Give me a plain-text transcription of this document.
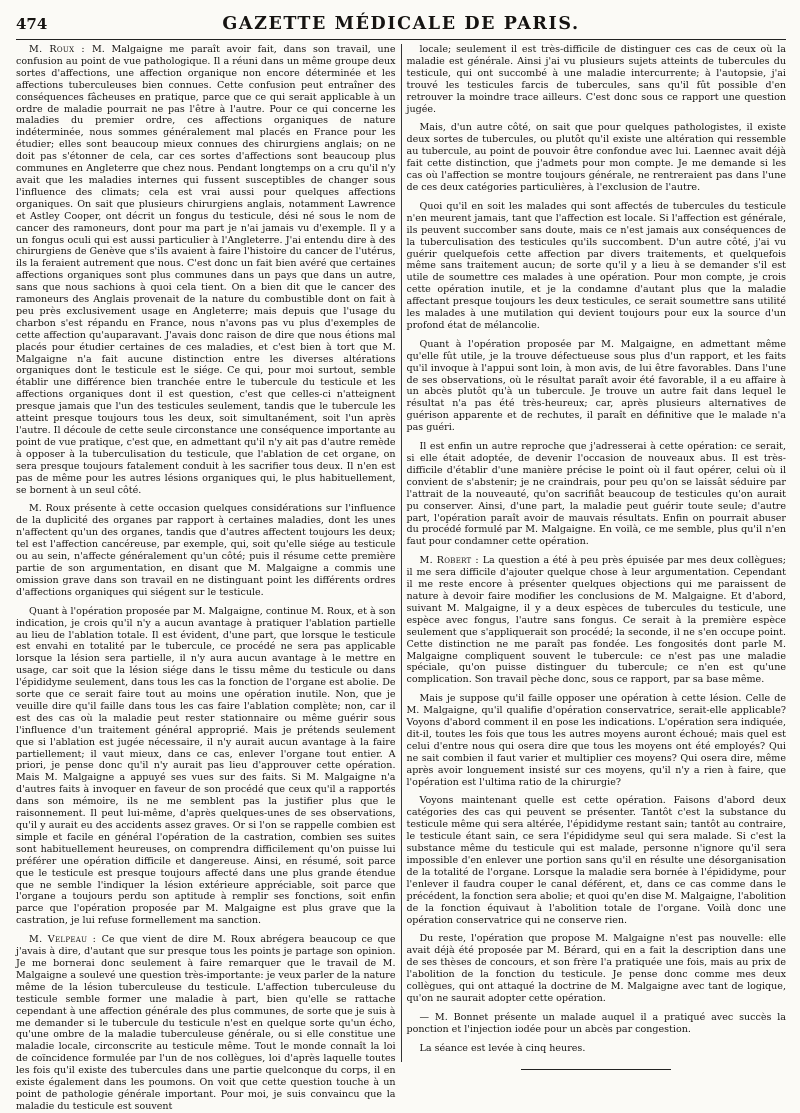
474	GAZETTE MÉDICALE DE PARIS.

M. Roux : M. Malgaigne me paraît avoir fait, dans son travail, une confusion au point de vue pathologique. Il a réuni dans un même groupe deux sortes d'affections, une affection organique non encore déterminée et les affections tuberculeuses bien connues. Cette confusion peut entraîner des conséquences fâcheuses en pratique, parce que ce qui serait applicable à un ordre de maladie pourrait ne pas l'être à l'autre. Pour ce qui concerne les maladies du premier ordre, ces affections organiques de nature indéterminée, nous sommes généralement mal placés en France pour les étudier; elles sont beaucoup mieux connues des chirurgiens anglais; on ne doit pas s'étonner de cela, car ces sortes d'affections sont beaucoup plus communes en Angleterre que chez nous. Pendant longtemps on a cru qu'il n'y avait que les maladies internes qui fussent susceptibles de changer sous l'influence des climats; cela est vrai aussi pour quelques affections organiques. On sait que plusieurs chirurgiens anglais, notamment Lawrence et Astley Cooper, ont décrit un fongus du testicule, dési né sous le nom de cancer des ramoneurs, dont pour ma part je n'ai jamais vu d'exemple. Il y a un fongus oculi qui est aussi particulier à l'Angleterre. J'ai entendu dire à des chirurgiens de Genève que s'ils avaient à faire l'histoire du cancer de l'utérus, ils la feraient autrement que nous. C'est donc un fait bien avéré que certaines affections organiques sont plus communes dans un pays que dans un autre, sans que nous sachions à quoi cela tient. On a bien dit que le cancer des ramoneurs des Anglais provenait de la nature du combustible dont on fait à peu près exclusivement usage en Angleterre; mais depuis que l'usage du charbon s'est répandu en France, nous n'avons pas vu plus d'exemples de cette affection qu'auparavant. J'avais donc raison de dire que nous étions mal placés pour étudier certaines de ces maladies, et c'est bien à tort que M. Malgaigne n'a fait aucune distinction entre les diverses altérations organiques dont le testicule est le siége. Ce qui, pour moi surtout, semble établir une différence bien tranchée entre le tubercule du testicule et les affections organiques dont il est question, c'est que celles-ci n'atteignent presque jamais que l'un des testicules seulement, tandis que le tubercule les atteint presque toujours tous les deux, soit simultanément, soit l'un après l'autre. Il découle de cette seule circonstance une conséquence importante au point de vue pratique, c'est que, en admettant qu'il n'y ait pas d'autre remède à opposer à la tuberculisation du testicule, que l'ablation de cet organe, on sera presque toujours fatalement conduit à les sacrifier tous deux. Il n'en est pas de même pour les autres lésions organiques qui, le plus habituellement, se bornent à un seul côté.

M. Roux présente à cette occasion quelques considérations sur l'influence de la duplicité des organes par rapport à certaines maladies, dont les unes n'affectent qu'un des organes, tandis que d'autres affectent toujours les deux; tel est l'affection cancéreuse, par exemple, qui, soit qu'elle siége au testicule ou au sein, n'affecte généralement qu'un côté; puis il résume cette première partie de son argumentation, en disant que M. Malgaigne a commis une omission grave dans son travail en ne distinguant point les différents ordres d'affections organiques qui siégent sur le testicule.

Quant à l'opération proposée par M. Malgaigne, continue M. Roux, et à son indication, je crois qu'il n'y a aucun avantage à pratiquer l'ablation partielle au lieu de l'ablation totale. Il est évident, d'une part, que lorsque le testicule est envahi en totalité par le tubercule, ce procédé ne sera pas applicable lorsque la lésion sera partielle, il n'y aura aucun avantage à le mettre en usage, car soit que la lésion siége dans le tissu même du testicule ou dans l'épididyme seulement, dans tous les cas la fonction de l'organe est abolie. De sorte que ce serait faire tout au moins une opération inutile. Non, que je veuille dire qu'il faille dans tous les cas faire l'ablation complète; non, car il est des cas où la maladie peut rester stationnaire ou même guérir sous l'influence d'un traitement général approprié. Mais je prétends seulement que si l'ablation est jugée nécessaire, il n'y aurait aucun avantage à la faire partiellement; il vaut mieux, dans ce cas, enlever l'organe tout entier. A priori, je pense donc qu'il n'y aurait pas lieu d'approuver cette opération. Mais M. Malgaigne a appuyé ses vues sur des faits. Si M. Malgaigne n'a d'autres faits à invoquer en faveur de son procédé que ceux qu'il a rapportés dans son mémoire, ils ne me semblent pas la justifier plus que le raisonnement. Il peut lui-même, d'après quelques-unes de ses observations, qu'il y aurait eu des accidents assez graves. Or si l'on se rappelle combien est simple et facile en général l'opération de la castration, combien ses suites sont habituellement heureuses, on comprendra difficilement qu'on puisse lui préférer une opération difficile et dangereuse. Ainsi, en résumé, soit parce que le testicule est presque toujours affecté dans une plus grande étendue que ne semble l'indiquer la lésion extérieure appréciable, soit parce que l'organe a toujours perdu son aptitude à remplir ses fonctions, soit enfin parce que l'opération proposée par M. Malgaigne est plus grave que la castration, je lui refuse formellement ma sanction.

M. Velpeau : Ce que vient de dire M. Roux abrégera beaucoup ce que j'avais à dire, d'autant que sur presque tous les points je partage son opinion. Je me bornerai donc seulement à faire remarquer que le travail de M. Malgaigne a soulevé une question très-importante: je veux parler de la nature même de la lésion tuberculeuse du testicule. L'affection tuberculeuse du testicule semble former une maladie à part, bien qu'elle se rattache cependant à une affection générale des plus communes, de sorte que je suis à me demander si le tubercule du testicule n'est en quelque sorte qu'un écho, qu'une ombre de la maladie tuberculeuse générale, ou si elle constitue une maladie locale, circonscrite au testicule même. Tout le monde connaît la loi de coïncidence formulée par l'un de nos collègues, loi d'après laquelle toutes les fois qu'il existe des tubercules dans une partie quelconque du corps, il en existe également dans les poumons. On voit que cette question touche à un point de pathologie générale important. Pour moi, je suis convaincu que la maladie du testicule est souvent

locale; seulement il est très-difficile de distinguer ces cas de ceux où la maladie est générale. Ainsi j'ai vu plusieurs sujets atteints de tubercules du testicule, qui ont succombé à une maladie intercurrente; à l'autopsie, j'ai trouvé les testicules farcis de tubercules, sans qu'il fût possible d'en retrouver la moindre trace ailleurs. C'est donc sous ce rapport une question jugée.

Mais, d'un autre côté, on sait que pour quelques pathologistes, il existe deux sortes de tubercules, ou plutôt qu'il existe une altération qui ressemble au tubercule, au point de pouvoir être confondue avec lui. Laennec avait déjà fait cette distinction, que j'admets pour mon compte. Je me demande si les cas où l'affection se montre toujours générale, ne rentreraient pas dans l'une de ces deux catégories particulières, à l'exclusion de l'autre.

Quoi qu'il en soit les malades qui sont affectés de tubercules du testicule n'en meurent jamais, tant que l'affection est locale. Si l'affection est générale, ils peuvent succomber sans doute, mais ce n'est jamais aux conséquences de la tuberculisation des testicules qu'ils succombent. D'un autre côté, j'ai vu guérir quelquefois cette affection par divers traitements, et quelquefois même sans traitement aucun; de sorte qu'il y a lieu à se demander s'il est utile de soumettre ces malades à une opération. Pour mon compte, je crois cette opération inutile, et je la condamne d'autant plus que la maladie affectant presque toujours les deux testicules, ce serait soumettre sans utilité les malades à une mutilation qui devient toujours pour eux la source d'un profond état de mélancolie.

Quant à l'opération proposée par M. Malgaigne, en admettant même qu'elle fût utile, je la trouve défectueuse sous plus d'un rapport, et les faits qu'il invoque à l'appui sont loin, à mon avis, de lui être favorables. Dans l'une de ses observations, où le résultat paraît avoir été favorable, il a eu affaire à un abcès plutôt qu'à un tubercule. Je trouve un autre fait dans lequel le résultat n'a pas été très-heureux; car, après plusieurs alternatives de guérison apparente et de rechutes, il paraît en définitive que le malade n'a pas guéri.

Il est enfin un autre reproche que j'adresserai à cette opération: ce serait, si elle était adoptée, de devenir l'occasion de nouveaux abus. Il est très-difficile d'établir d'une manière précise le point où il faut opérer, celui où il convient de s'abstenir; je ne craindrais, pour peu qu'on se laissât séduire par l'attrait de la nouveauté, qu'on sacrifiât beaucoup de testicules qu'on aurait pu conserver. Ainsi, d'une part, la maladie peut guérir toute seule; d'autre part, l'opération paraît avoir de mauvais résultats. Enfin on pourrait abuser du procédé formulé par M. Malgaigne. En voilà, ce me semble, plus qu'il n'en faut pour condamner cette opération.

M. Robert : La question a été à peu près épuisée par mes deux collègues; il me sera difficile d'ajouter quelque chose à leur argumentation. Cependant il me reste encore à présenter quelques objections qui me paraissent de nature à devoir faire modifier les conclusions de M. Malgaigne. Et d'abord, suivant M. Malgaigne, il y a deux espèces de tubercules du testicule, une espèce avec fongus, l'autre sans fongus. Ce serait à la première espèce seulement que s'appliquerait son procédé; la seconde, il ne s'en occupe point. Cette distinction ne me paraît pas fondée. Les fongosités dont parle M. Malgaigne compliquent souvent le tubercule: ce n'est pas une maladie spéciale, qu'on puisse distinguer du tubercule; ce n'en est qu'une complication. Son travail pèche donc, sous ce rapport, par sa base même.

Mais je suppose qu'il faille opposer une opération à cette lésion. Celle de M. Malgaigne, qu'il qualifie d'opération conservatrice, serait-elle applicable? Voyons d'abord comment il en pose les indications. L'opération sera indiquée, dit-il, toutes les fois que tous les autres moyens auront échoué; mais quel est celui d'entre nous qui osera dire que tous les moyens ont été employés? Qui ne sait combien il faut varier et multiplier ces moyens? Qui osera dire, même après avoir longuement insisté sur ces moyens, qu'il n'y a rien à faire, que l'opération est l'ultima ratio de la chirurgie?

Voyons maintenant quelle est cette opération. Faisons d'abord deux catégories des cas qui peuvent se présenter. Tantôt c'est la substance du testicule même qui sera altérée, l'épididyme restant sain; tantôt au contraire, le testicule étant sain, ce sera l'épididyme seul qui sera malade. Si c'est la substance même du testicule qui est malade, personne n'ignore qu'il sera impossible d'en enlever une portion sans qu'il en résulte une désorganisation de la totalité de l'organe. Lorsque la maladie sera bornée à l'épididyme, pour l'enlever il faudra couper le canal déférent, et, dans ce cas comme dans le précédent, la fonction sera abolie; et quoi qu'en dise M. Malgaigne, l'abolition de la fonction équivaut à l'abolition totale de l'organe. Voilà donc une opération conservatrice qui ne conserve rien.

Du reste, l'opération que propose M. Malgaigne n'est pas nouvelle: elle avait déjà été proposée par M. Bérard, qui en a fait la description dans une de ses thèses de concours, et son frère l'a pratiquée une fois, mais au prix de l'abolition de la fonction du testicule. Je pense donc comme mes deux collègues, qui ont attaqué la doctrine de M. Malgaigne avec tant de logique, qu'on ne saurait adopter cette opération.

— M. Bonnet présente un malade auquel il a pratiqué avec succès la ponction et l'injection iodée pour un abcès par congestion.

La séance est levée à cinq heures.
